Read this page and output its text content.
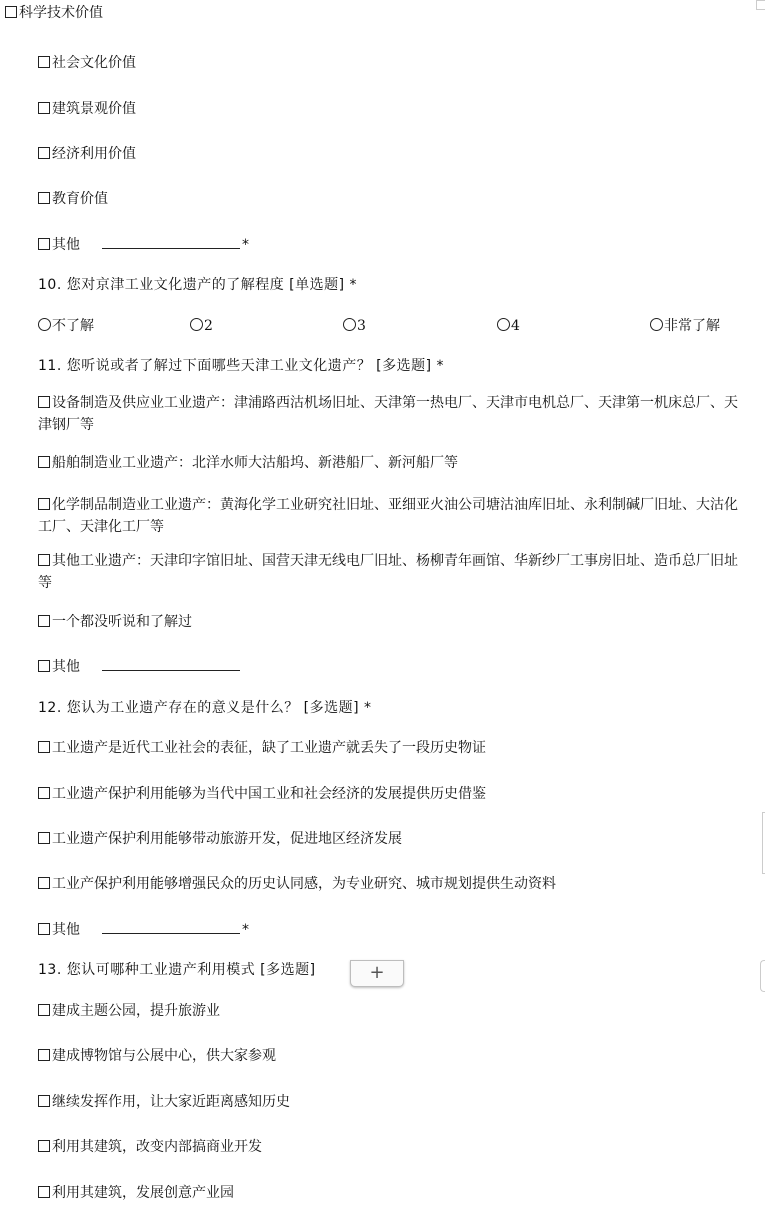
科学技术价值
社会文化价值
建筑景观价值
经济利用价值
教育价值
其他	*
10. 您对京津工业文化遗产的了解程度 [单选题] *
不了解	2	3	4	非常了解
11. 您听说或者了解过下面哪些天津工业文化遗产？ [多选题] *
设备制造及供应业工业遗产：津浦路西沽机场旧址、天津第一热电厂、天津市电机总厂、天津第一机床总厂、天津钢厂等
船舶制造业工业遗产：北洋水师大沽船坞、新港船厂、新河船厂等
化学制品制造业工业遗产：黄海化学工业研究社旧址、亚细亚火油公司塘沽油库旧址、永利制碱厂旧址、大沽化工厂、天津化工厂等
其他工业遗产：天津印字馆旧址、国营天津无线电厂旧址、杨柳青年画馆、华新纱厂工事房旧址、造币总厂旧址等
一个都没听说和了解过
其他
12. 您认为工业遗产存在的意义是什么？ [多选题] *
工业遗产是近代工业社会的表征，缺了工业遗产就丢失了一段历史物证
工业遗产保护利用能够为当代中国工业和社会经济的发展提供历史借鉴
工业遗产保护利用能够带动旅游开发，促进地区经济发展
工业产保护利用能够增强民众的历史认同感，为专业研究、城市规划提供生动资料
其他	*
13. 您认可哪种工业遗产利用模式 [多选题]	+
建成主题公园，提升旅游业
建成博物馆与公展中心，供大家参观
继续发挥作用，让大家近距离感知历史
利用其建筑，改变内部搞商业开发
利用其建筑，发展创意产业园
